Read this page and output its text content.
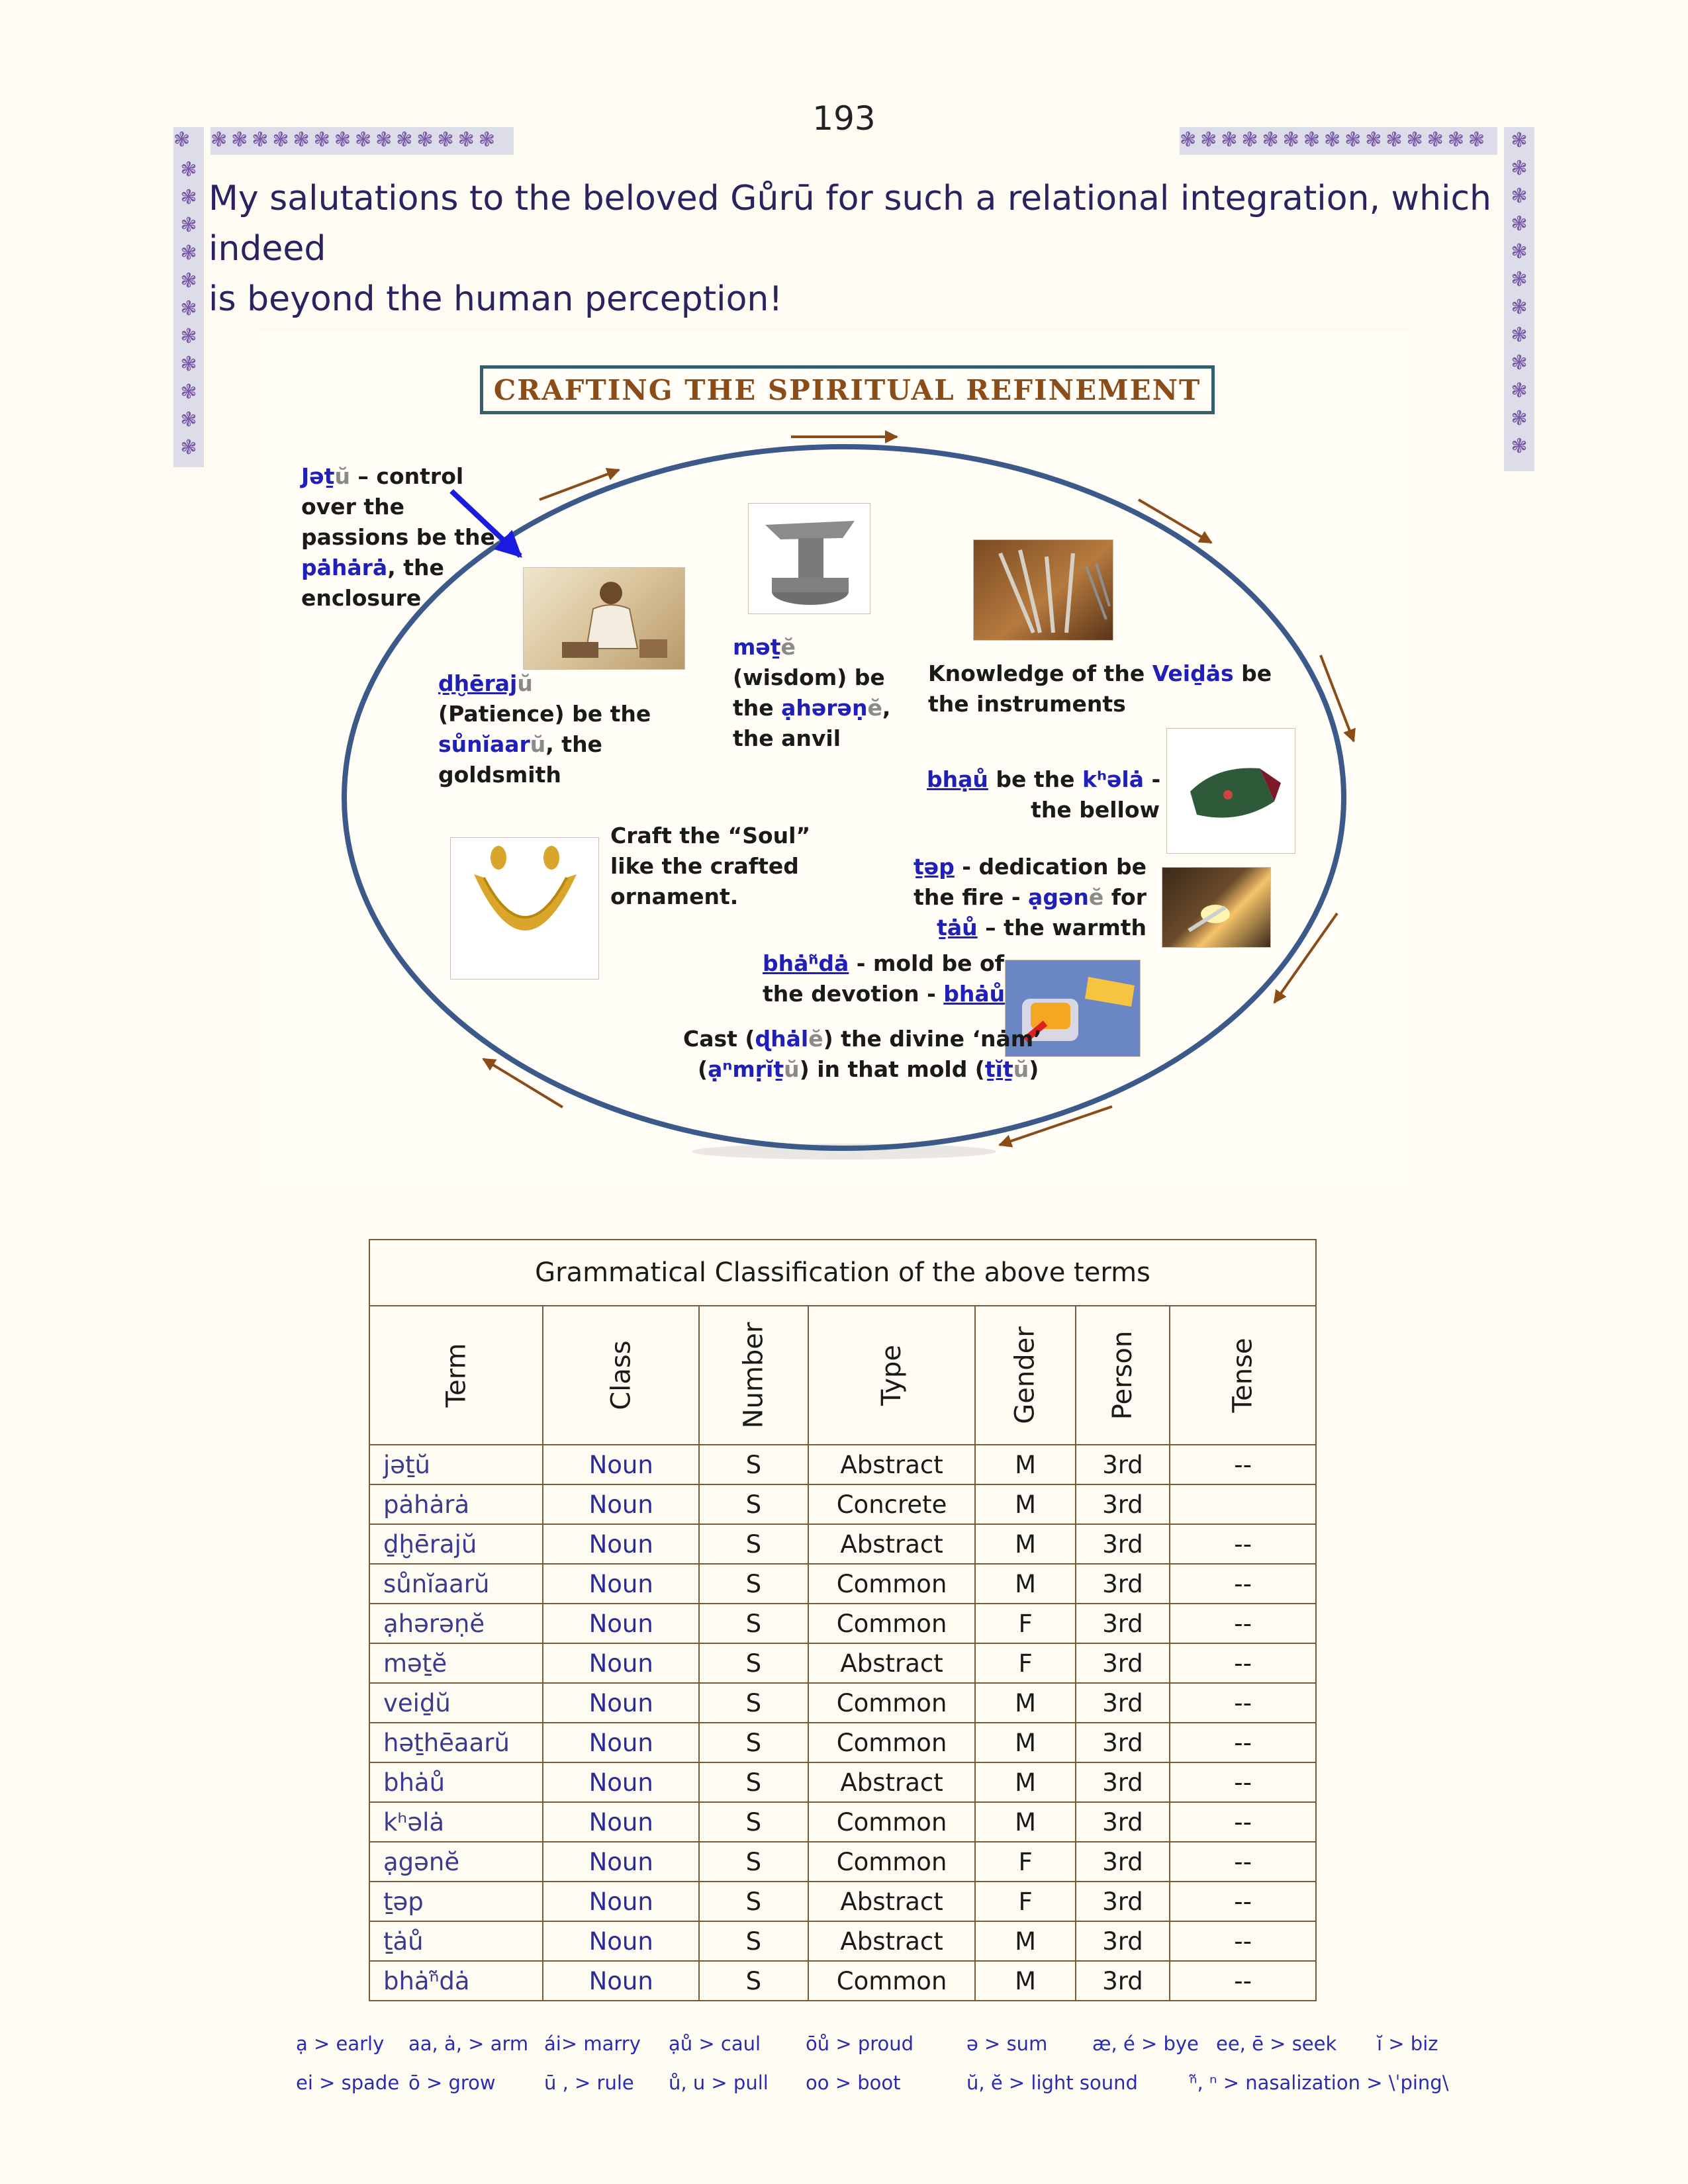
193
❃ ❃❃❃❃❃❃❃❃❃❃❃❃❃❃
❃
❃
❃
❃
❃
❃
❃
❃
❃
❃
❃
❃❃❃❃❃❃❃❃❃❃❃❃❃❃❃	❃
❃
❃
❃
❃
❃
❃
❃
❃
❃
❃
❃
My salutations to the beloved Gůrū for such a relational integration, which indeed
is beyond the human perception!
CRAFTING THE SPIRITUAL REFINEMENT
Jəṯŭ – control
over the
passions be the
pȧhȧrȧ, the
enclosure
ḏḫērajŭ
(Patience) be the
sůnĭaarŭ, the
goldsmith
məṯĕ
(wisdom) be
the ạhərəṇĕ,
the anvil
Knowledge of the Veiḏȧs be
the instruments
bhạů be the kʰəlȧ -
the bellow
ṯəp - dedication be
the fire - ạgənĕ for
ṯȧů – the warmth
Craft the “Soul”
like the crafted
ornament.
bhȧⁿ̃dȧ - mold be of
the devotion - bhȧů
Cast (ɖhȧlĕ) the divine ‘nȧm’
(ạⁿmṛĭṯŭ) in that mold (ṯĭṯŭ)
Grammatical Classification of the above terms						
Term	Class	Number	Type	Gender	Person	Tense
jəṯŭ	Noun	S	Abstract	M	3rd	--
pȧhȧrȧ	Noun	S	Concrete	M	3rd	
ḏḫērajŭ	Noun	S	Abstract	M	3rd	--
sůnĭaarŭ	Noun	S	Common	M	3rd	--
ạhərəṇĕ	Noun	S	Common	F	3rd	--
məṯĕ	Noun	S	Abstract	F	3rd	--
veiḏŭ	Noun	S	Common	M	3rd	--
həṯhēaarŭ	Noun	S	Common	M	3rd	--
bhȧů	Noun	S	Abstract	M	3rd	--
kʰəlȧ	Noun	S	Common	M	3rd	--
ạgənĕ	Noun	S	Common	F	3rd	--
ṯəp	Noun	S	Abstract	F	3rd	--
ṯȧů	Noun	S	Abstract	M	3rd	--
bhȧⁿ̃dȧ	Noun	S	Common	M	3rd	--
ạ > early aa, ȧ, > arm ái> marry ạů > caul ōů > proud	ə > sum æ, é > bye ee, ē > seek ĭ > biz
ei > spade ō > grow	ū , > rule ů, u > pull oo > boot	ŭ, ĕ > light sound	ⁿ̃, ⁿ > nasalization > \ˈping\
